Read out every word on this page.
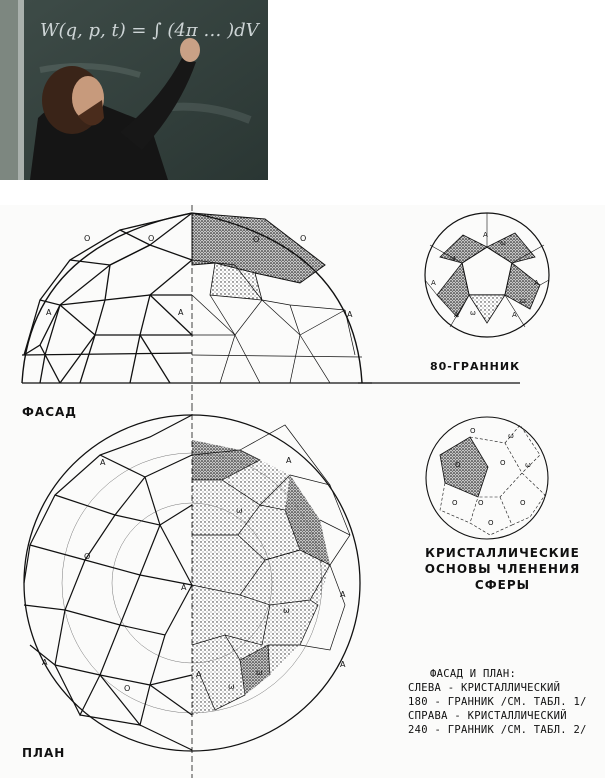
W(q, p, t) = ∫ (4π … )dV
O	O	O	O
A	A	A
A
A	A
A	A
ω
ω
ω
ω
O
ω
O	O	ω
O
O
O
O
A	A
O
A
A
O
A
A
A
ω
ω
ω
ω
ФАСАД
ПЛАН
80-ГРАННИК
КРИСТАЛЛИЧЕСКИЕ
ОСНОВЫ ЧЛЕНЕНИЯ
СФЕРЫ
ФАСАД И ПЛАН:
СЛЕВА - КРИСТАЛЛИЧЕСКИЙ
180 - ГРАННИК /СМ. ТАБЛ. 1/
СПРАВА - КРИСТАЛЛИЧЕСКИЙ
240 - ГРАННИК /СМ. ТАБЛ. 2/
